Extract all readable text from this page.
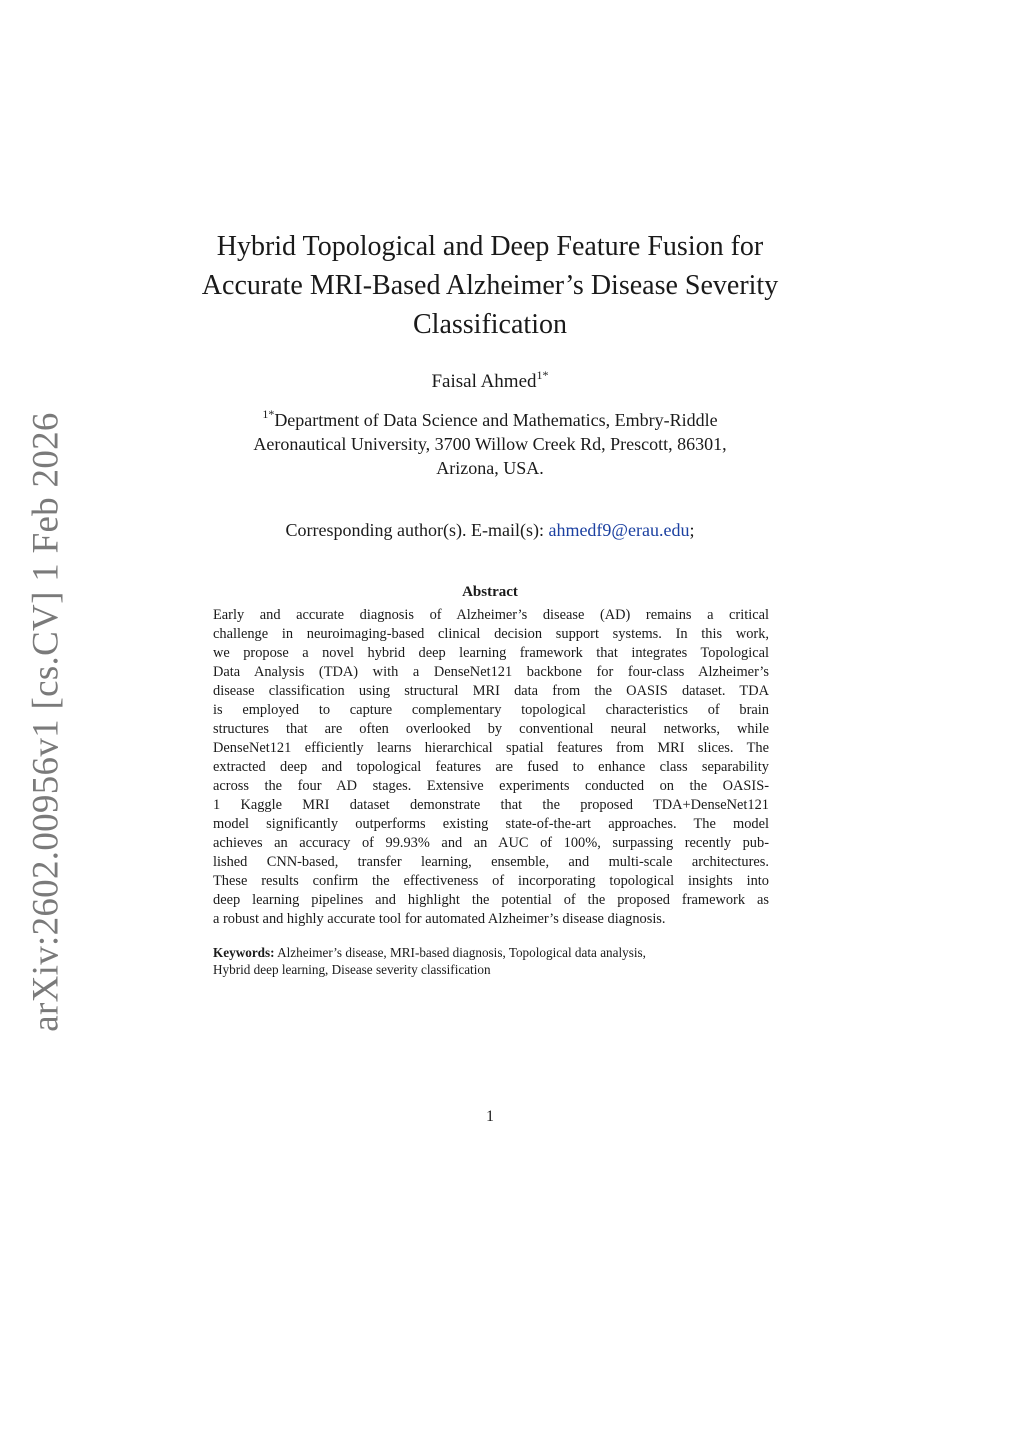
arXiv:2602.00956v1 [cs.CV] 1 Feb 2026
Hybrid Topological and Deep Feature Fusion for
Accurate MRI-Based Alzheimer’s Disease Severity
Classification
Faisal Ahmed$^{1*}$
$^{1*}$Department of Data Science and Mathematics, Embry-Riddle
Aeronautical University, 3700 Willow Creek Rd, Prescott, 86301,
Arizona, USA.
Corresponding author(s). E-mail(s): ahmedf9@erau.edu;
Abstract
Early and accurate diagnosis of Alzheimer’s disease (AD) remains a critical
challenge in neuroimaging-based clinical decision support systems. In this work,
we propose a novel hybrid deep learning framework that integrates Topological
Data Analysis (TDA) with a DenseNet121 backbone for four-class Alzheimer’s
disease classification using structural MRI data from the OASIS dataset. TDA
is employed to capture complementary topological characteristics of brain
structures that are often overlooked by conventional neural networks, while
DenseNet121 efficiently learns hierarchical spatial features from MRI slices. The
extracted deep and topological features are fused to enhance class separability
across the four AD stages. Extensive experiments conducted on the OASIS-
1 Kaggle MRI dataset demonstrate that the proposed TDA+DenseNet121
model significantly outperforms existing state-of-the-art approaches. The model
achieves an accuracy of 99.93% and an AUC of 100%, surpassing recently pub-
lished CNN-based, transfer learning, ensemble, and multi-scale architectures.
These results confirm the effectiveness of incorporating topological insights into
deep learning pipelines and highlight the potential of the proposed framework as
a robust and highly accurate tool for automated Alzheimer’s disease diagnosis.
Keywords: Alzheimer’s disease, MRI-based diagnosis, Topological data analysis,
Hybrid deep learning, Disease severity classification
1
